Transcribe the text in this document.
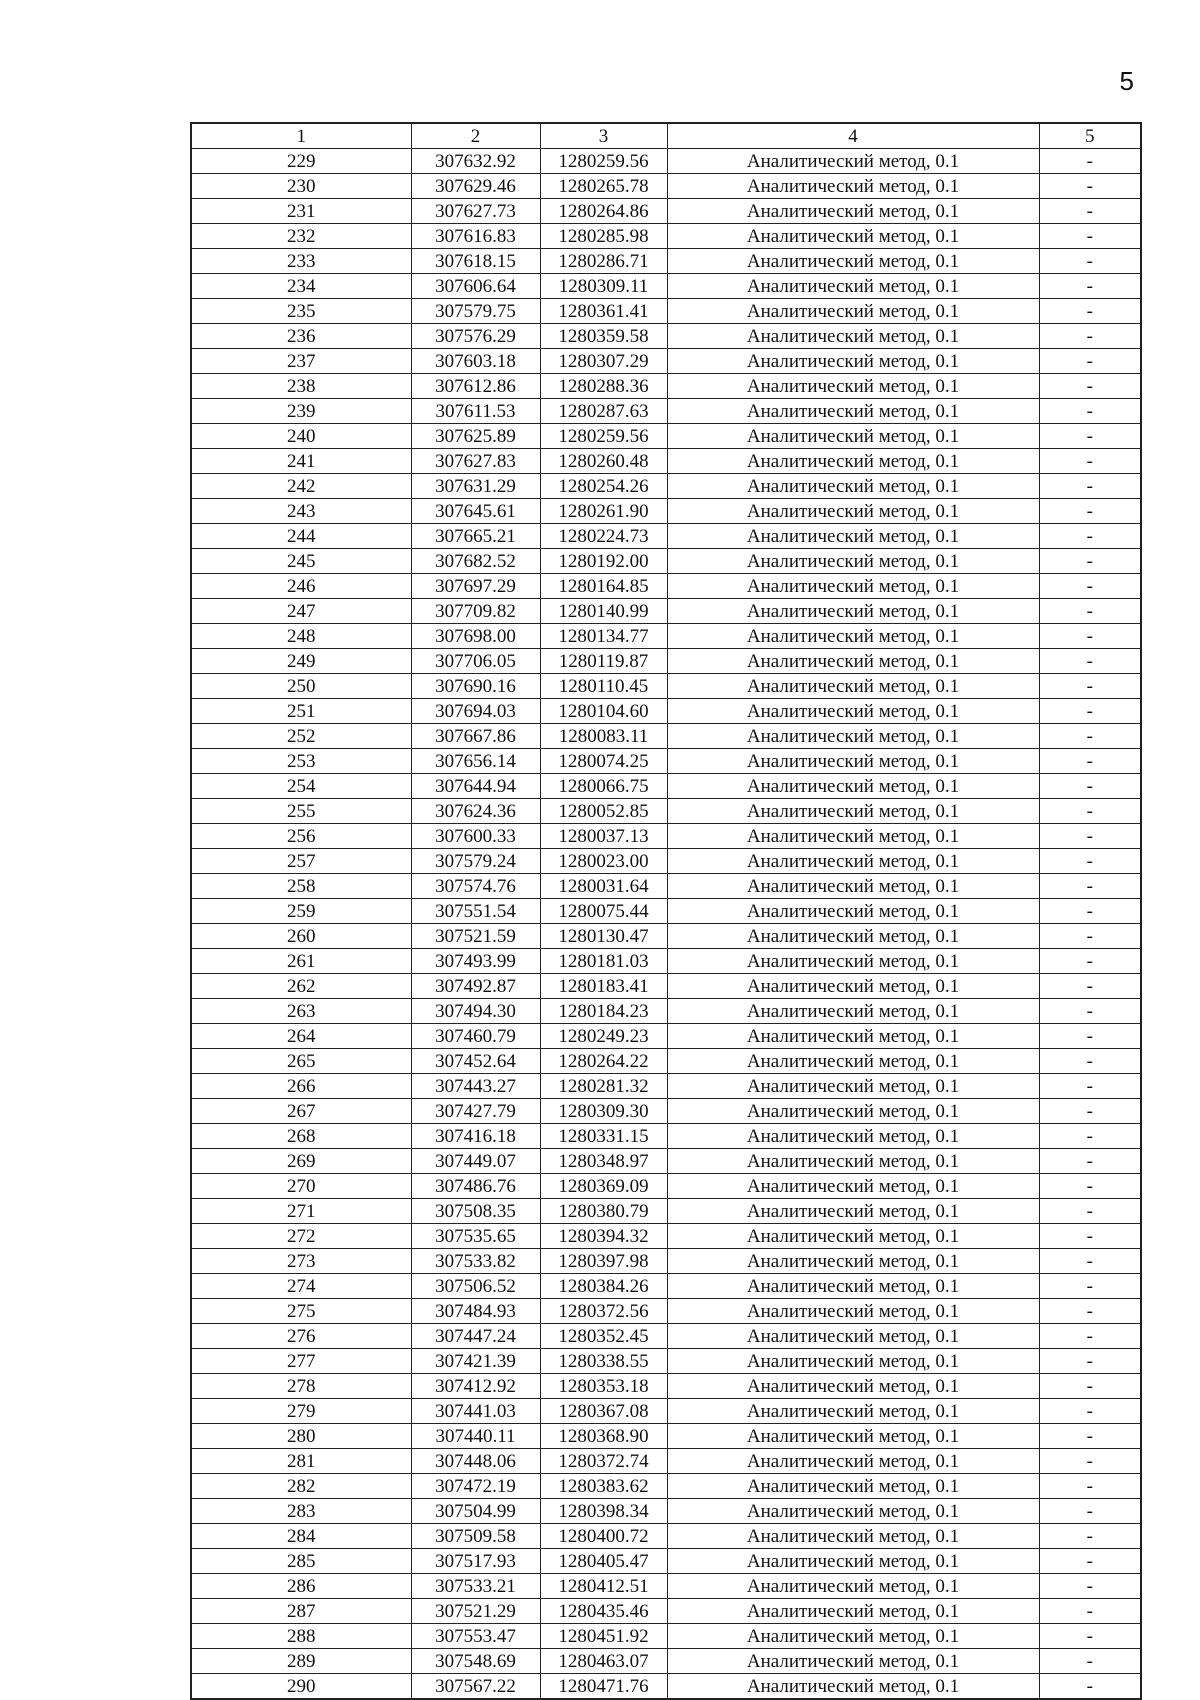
5
1	2	3	4	5
229	307632.92	1280259.56	Аналитический метод, 0.1	-
230	307629.46	1280265.78	Аналитический метод, 0.1	-
231	307627.73	1280264.86	Аналитический метод, 0.1	-
232	307616.83	1280285.98	Аналитический метод, 0.1	-
233	307618.15	1280286.71	Аналитический метод, 0.1	-
234	307606.64	1280309.11	Аналитический метод, 0.1	-
235	307579.75	1280361.41	Аналитический метод, 0.1	-
236	307576.29	1280359.58	Аналитический метод, 0.1	-
237	307603.18	1280307.29	Аналитический метод, 0.1	-
238	307612.86	1280288.36	Аналитический метод, 0.1	-
239	307611.53	1280287.63	Аналитический метод, 0.1	-
240	307625.89	1280259.56	Аналитический метод, 0.1	-
241	307627.83	1280260.48	Аналитический метод, 0.1	-
242	307631.29	1280254.26	Аналитический метод, 0.1	-
243	307645.61	1280261.90	Аналитический метод, 0.1	-
244	307665.21	1280224.73	Аналитический метод, 0.1	-
245	307682.52	1280192.00	Аналитический метод, 0.1	-
246	307697.29	1280164.85	Аналитический метод, 0.1	-
247	307709.82	1280140.99	Аналитический метод, 0.1	-
248	307698.00	1280134.77	Аналитический метод, 0.1	-
249	307706.05	1280119.87	Аналитический метод, 0.1	-
250	307690.16	1280110.45	Аналитический метод, 0.1	-
251	307694.03	1280104.60	Аналитический метод, 0.1	-
252	307667.86	1280083.11	Аналитический метод, 0.1	-
253	307656.14	1280074.25	Аналитический метод, 0.1	-
254	307644.94	1280066.75	Аналитический метод, 0.1	-
255	307624.36	1280052.85	Аналитический метод, 0.1	-
256	307600.33	1280037.13	Аналитический метод, 0.1	-
257	307579.24	1280023.00	Аналитический метод, 0.1	-
258	307574.76	1280031.64	Аналитический метод, 0.1	-
259	307551.54	1280075.44	Аналитический метод, 0.1	-
260	307521.59	1280130.47	Аналитический метод, 0.1	-
261	307493.99	1280181.03	Аналитический метод, 0.1	-
262	307492.87	1280183.41	Аналитический метод, 0.1	-
263	307494.30	1280184.23	Аналитический метод, 0.1	-
264	307460.79	1280249.23	Аналитический метод, 0.1	-
265	307452.64	1280264.22	Аналитический метод, 0.1	-
266	307443.27	1280281.32	Аналитический метод, 0.1	-
267	307427.79	1280309.30	Аналитический метод, 0.1	-
268	307416.18	1280331.15	Аналитический метод, 0.1	-
269	307449.07	1280348.97	Аналитический метод, 0.1	-
270	307486.76	1280369.09	Аналитический метод, 0.1	-
271	307508.35	1280380.79	Аналитический метод, 0.1	-
272	307535.65	1280394.32	Аналитический метод, 0.1	-
273	307533.82	1280397.98	Аналитический метод, 0.1	-
274	307506.52	1280384.26	Аналитический метод, 0.1	-
275	307484.93	1280372.56	Аналитический метод, 0.1	-
276	307447.24	1280352.45	Аналитический метод, 0.1	-
277	307421.39	1280338.55	Аналитический метод, 0.1	-
278	307412.92	1280353.18	Аналитический метод, 0.1	-
279	307441.03	1280367.08	Аналитический метод, 0.1	-
280	307440.11	1280368.90	Аналитический метод, 0.1	-
281	307448.06	1280372.74	Аналитический метод, 0.1	-
282	307472.19	1280383.62	Аналитический метод, 0.1	-
283	307504.99	1280398.34	Аналитический метод, 0.1	-
284	307509.58	1280400.72	Аналитический метод, 0.1	-
285	307517.93	1280405.47	Аналитический метод, 0.1	-
286	307533.21	1280412.51	Аналитический метод, 0.1	-
287	307521.29	1280435.46	Аналитический метод, 0.1	-
288	307553.47	1280451.92	Аналитический метод, 0.1	-
289	307548.69	1280463.07	Аналитический метод, 0.1	-
290	307567.22	1280471.76	Аналитический метод, 0.1	-
